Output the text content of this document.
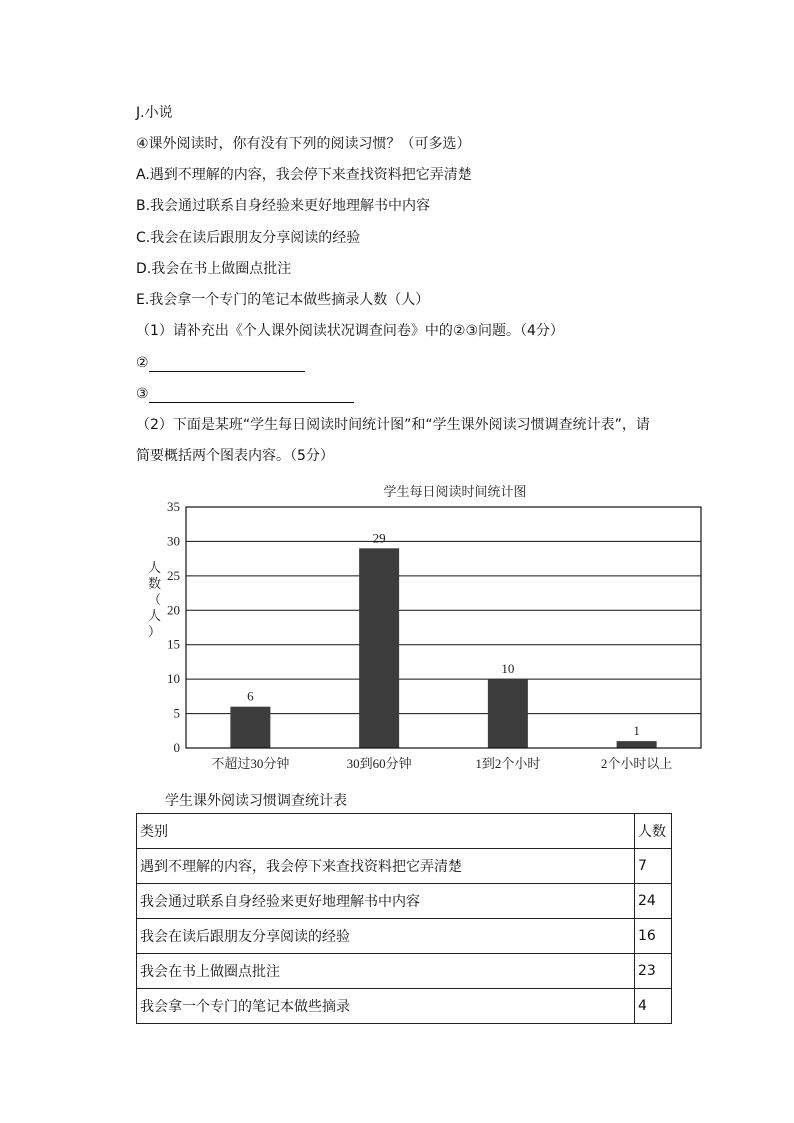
J.小说
④课外阅读时，你有没有下列的阅读习惯？（可多选）
A.遇到不理解的内容，我会停下来查找资料把它弄清楚
B.我会通过联系自身经验来更好地理解书中内容
C.我会在读后跟朋友分享阅读的经验
D.我会在书上做圈点批注
E.我会拿一个专门的笔记本做些摘录人数（人）
（1）请补充出《个人课外阅读状况调查问卷》中的②③问题。（4分）
②
③
（2）下面是某班“学生每日阅读时间统计图”和“学生课外阅读习惯调查统计表”，请
简要概括两个图表内容。（5分）
学生每日阅读时间统计图
人数（人）
0
5
10
15
20
25
30
35
6
29
10
1
不超过30分钟	30到60分钟	1到2个小时	2个小时以上
学生课外阅读习惯调查统计表
类别	人数
遇到不理解的内容，我会停下来查找资料把它弄清楚	7
我会通过联系自身经验来更好地理解书中内容	24
我会在读后跟朋友分享阅读的经验	16
我会在书上做圈点批注	23
我会拿一个专门的笔记本做些摘录	4
